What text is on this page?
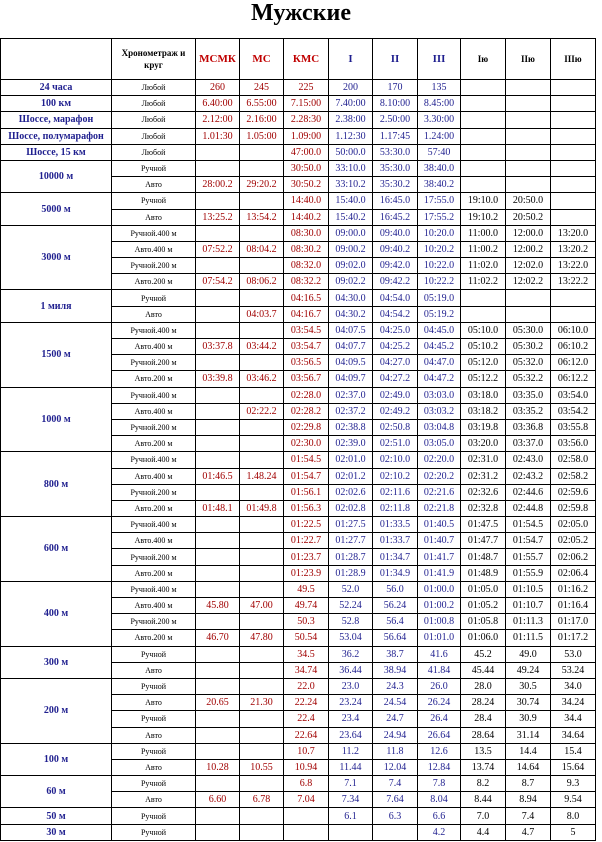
Мужские
	Хронометраж и круг	МСМК	МС	КМС	I	II	III	Iю	IIю	IIIю
24 часа	Любой	260	245	225	200	170	135			
100 км	Любой	6.40:00	6.55:00	7.15:00	7.40:00	8.10:00	8.45:00			
Шоссе, марафон	Любой	2.12:00	2.16:00	2.28:30	2.38:00	2.50:00	3.30:00			
Шоссе, полумарафон	Любой	1.01:30	1.05:00	1.09:00	1.12:30	1.17:45	1.24:00			
Шоссе, 15 км	Любой			47:00.0	50:00.0	53:30.0	57:40			
10000 м	Ручной			30:50.0	33:10.0	35:30.0	38:40.0			
	Авто	28:00.2	29:20.2	30:50.2	33:10.2	35:30.2	38:40.2			
5000 м	Ручной			14:40.0	15:40.0	16:45.0	17:55.0	19:10.0	20:50.0	
	Авто	13:25.2	13:54.2	14:40.2	15:40.2	16:45.2	17:55.2	19:10.2	20:50.2	
3000 м	Ручной.400 м			08:30.0	09:00.0	09:40.0	10:20.0	11:00.0	12:00.0	13:20.0
	Авто.400 м	07:52.2	08:04.2	08:30.2	09:00.2	09:40.2	10:20.2	11:00.2	12:00.2	13:20.2
	Ручной.200 м			08:32.0	09:02.0	09:42.0	10:22.0	11:02.0	12:02.0	13:22.0
	Авто.200 м	07:54.2	08:06.2	08:32.2	09:02.2	09:42.2	10:22.2	11:02.2	12:02.2	13:22.2
1 миля	Ручной			04:16.5	04:30.0	04:54.0	05:19.0			
	Авто		04:03.7	04:16.7	04:30.2	04:54.2	05:19.2			
1500 м	Ручной.400 м			03:54.5	04:07.5	04:25.0	04:45.0	05:10.0	05:30.0	06:10.0
	Авто.400 м	03:37.8	03:44.2	03:54.7	04:07.7	04:25.2	04:45.2	05:10.2	05:30.2	06:10.2
	Ручной.200 м			03:56.5	04:09.5	04:27.0	04:47.0	05:12.0	05:32.0	06:12.0
	Авто.200 м	03:39.8	03:46.2	03:56.7	04:09.7	04:27.2	04:47.2	05:12.2	05:32.2	06:12.2
1000 м	Ручной.400 м			02:28.0	02:37.0	02:49.0	03:03.0	03:18.0	03:35.0	03:54.0
	Авто.400 м		02:22.2	02:28.2	02:37.2	02:49.2	03:03.2	03:18.2	03:35.2	03:54.2
	Ручной.200 м			02:29.8	02:38.8	02:50.8	03:04.8	03:19.8	03:36.8	03:55.8
	Авто.200 м			02:30.0	02:39.0	02:51.0	03:05.0	03:20.0	03:37.0	03:56.0
800 м	Ручной.400 м			01:54.5	02:01.0	02:10.0	02:20.0	02:31.0	02:43.0	02:58.0
	Авто.400 м	01:46.5	1.48.24	01:54.7	02:01.2	02:10.2	02:20.2	02:31.2	02:43.2	02:58.2
	Ручной.200 м			01:56.1	02:02.6	02:11.6	02:21.6	02:32.6	02:44.6	02:59.6
	Авто.200 м	01:48.1	01:49.8	01:56.3	02:02.8	02:11.8	02:21.8	02:32.8	02:44.8	02:59.8
600 м	Ручной.400 м			01:22.5	01:27.5	01:33.5	01:40.5	01:47.5	01:54.5	02:05.0
	Авто.400 м			01:22.7	01:27.7	01:33.7	01:40.7	01:47.7	01:54.7	02:05.2
	Ручной.200 м			01:23.7	01:28.7	01:34.7	01:41.7	01:48.7	01:55.7	02:06.2
	Авто.200 м			01:23.9	01:28.9	01:34.9	01:41.9	01:48.9	01:55.9	02:06.4
400 м	Ручной.400 м			49.5	52.0	56.0	01:00.0	01:05.0	01:10.5	01:16.2
	Авто.400 м	45.80	47.00	49.74	52.24	56.24	01:00.2	01:05.2	01:10.7	01:16.4
	Ручной.200 м			50.3	52.8	56.4	01:00.8	01:05.8	01:11.3	01:17.0
	Авто.200 м	46.70	47.80	50.54	53.04	56.64	01:01.0	01:06.0	01:11.5	01:17.2
300 м	Ручной			34.5	36.2	38.7	41.6	45.2	49.0	53.0
	Авто			34.74	36.44	38.94	41.84	45.44	49.24	53.24
200 м	Ручной			22.0	23.0	24.3	26.0	28.0	30.5	34.0
	Авто	20.65	21.30	22.24	23.24	24.54	26.24	28.24	30.74	34.24
	Ручной			22.4	23.4	24.7	26.4	28.4	30.9	34.4
	Авто			22.64	23.64	24.94	26.64	28.64	31.14	34.64
100 м	Ручной			10.7	11.2	11.8	12.6	13.5	14.4	15.4
	Авто	10.28	10.55	10.94	11.44	12.04	12.84	13.74	14.64	15.64
60 м	Ручной			6.8	7.1	7.4	7.8	8.2	8.7	9.3
	Авто	6.60	6.78	7.04	7.34	7.64	8.04	8.44	8.94	9.54
50 м	Ручной				6.1	6.3	6.6	7.0	7.4	8.0
30 м	Ручной						4.2	4.4	4.7	5
